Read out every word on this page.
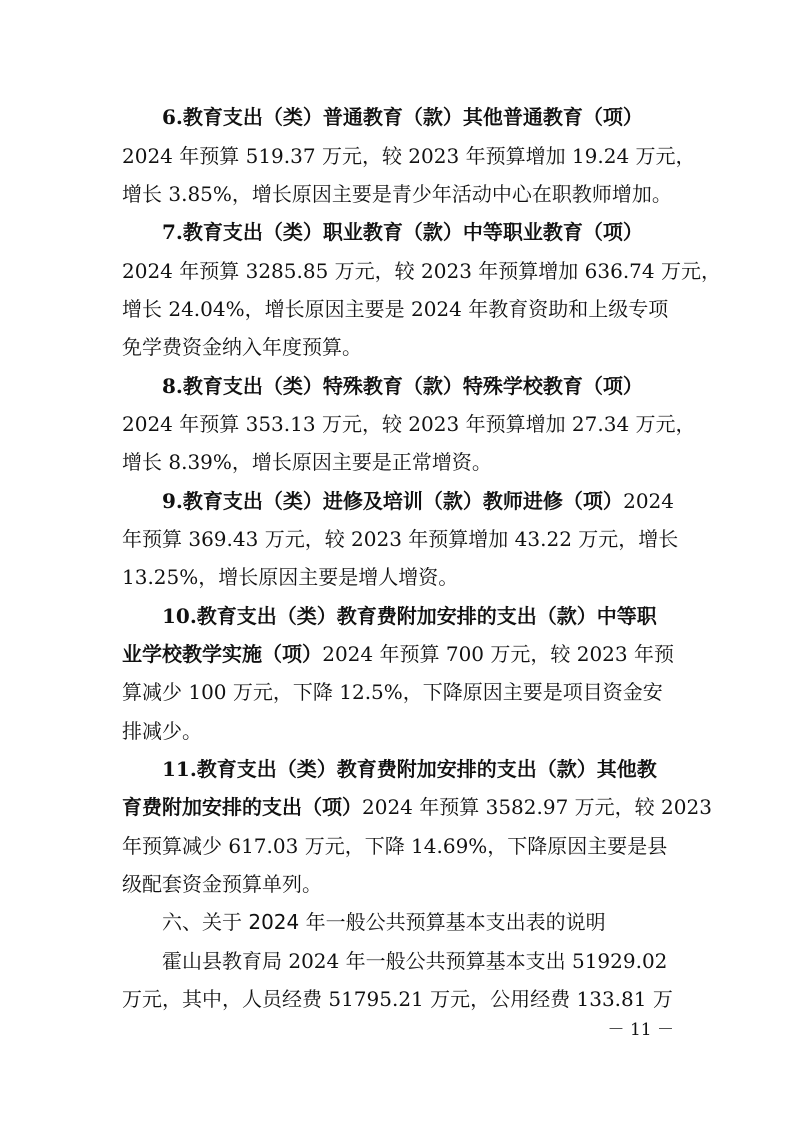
6.教育支出（类）普通教育（款）其他普通教育（项）
2024 年预算 519.37 万元，较 2023 年预算增加 19.24 万元，
增长 3.85%，增长原因主要是青少年活动中心在职教师增加。
7.教育支出（类）职业教育（款）中等职业教育（项）
2024 年预算 3285.85 万元，较 2023 年预算增加 636.74 万元，
增长 24.04%，增长原因主要是 2024 年教育资助和上级专项
免学费资金纳入年度预算。
8.教育支出（类）特殊教育（款）特殊学校教育（项）
2024 年预算 353.13 万元，较 2023 年预算增加 27.34 万元，
增长 8.39%，增长原因主要是正常增资。
9.教育支出（类）进修及培训（款）教师进修（项） 2024
年预算 369.43 万元，较 2023 年预算增加 43.22 万元，增长
13.25%，增长原因主要是增人增资。
10.教育支出（类）教育费附加安排的支出（款）中等职
业学校教学实施（项） 2024 年预算 700 万元，较 2023 年预
算减少 100 万元，下降 12.5%，下降原因主要是项目资金安
排减少。
11.教育支出（类）教育费附加安排的支出（款）其他教
育费附加安排的支出（项） 2024 年预算 3582.97 万元，较 2023
年预算减少 617.03 万元，下降 14.69%，下降原因主要是县
级配套资金预算单列。
六、关于 2024 年一般公共预算基本支出表的说明
霍山县教育局 2024 年一般公共预算基本支出 51929.02
万元，其中，人员经费 51795.21 万元，公用经费 133.81 万
－ 11 －
